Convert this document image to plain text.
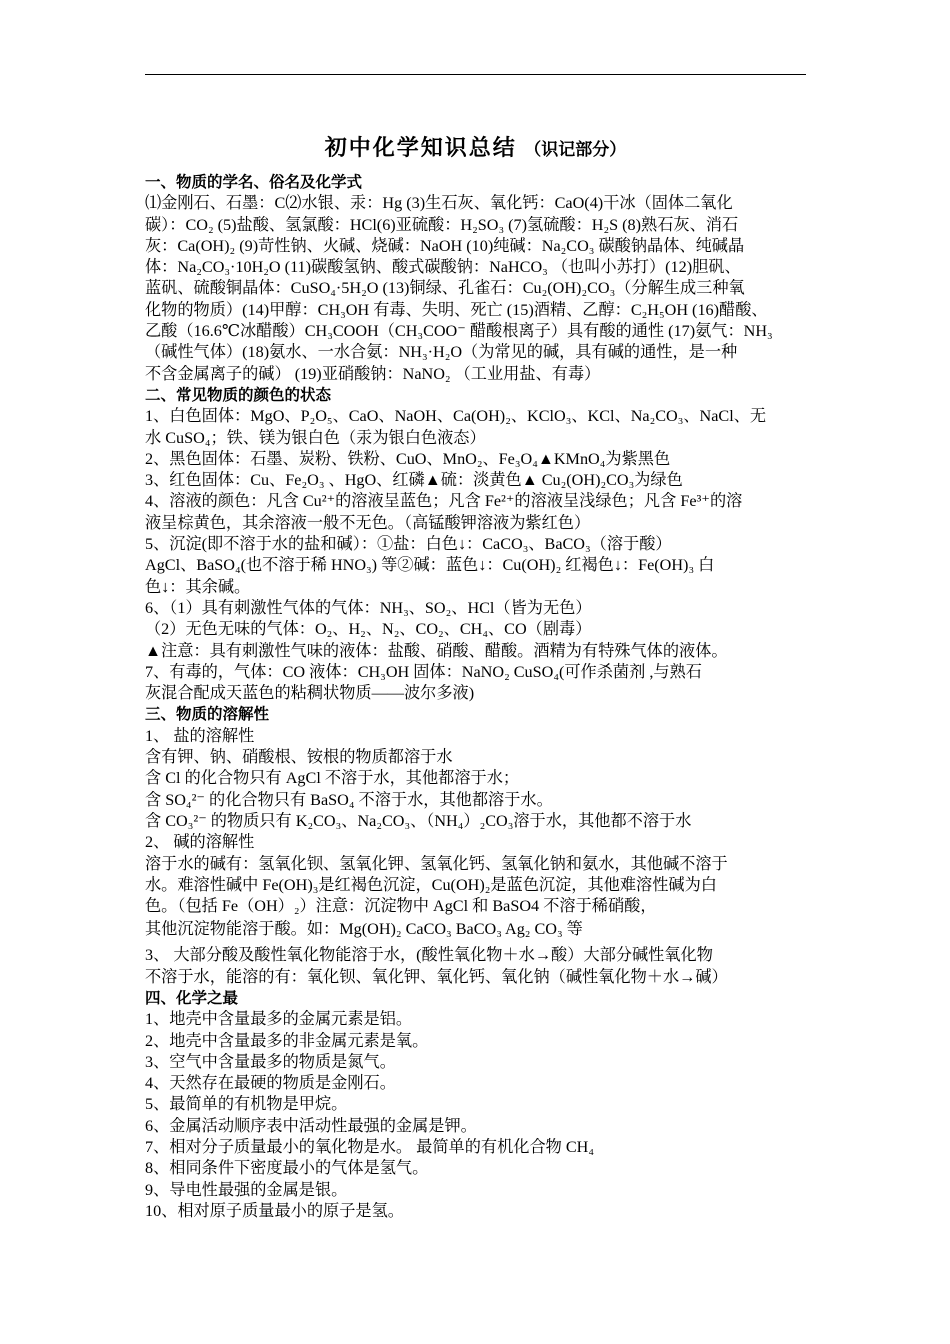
初中化学知识总结 （识记部分）
一、物质的学名、俗名及化学式
⑴金刚石、石墨：C⑵水银、汞：Hg (3)生石灰、氧化钙：CaO(4)干冰（固体二氧化
碳）：CO₂ (5)盐酸、氢氯酸：HCl(6)亚硫酸：H₂SO₃ (7)氢硫酸：H₂S (8)熟石灰、消石
灰：Ca(OH)₂ (9)苛性钠、火碱、烧碱：NaOH (10)纯碱：Na₂CO₃ 碳酸钠晶体、纯碱晶
体：Na₂CO₃·10H₂O (11)碳酸氢钠、酸式碳酸钠：NaHCO₃ （也叫小苏打）(12)胆矾、
蓝矾、硫酸铜晶体：CuSO₄·5H₂O (13)铜绿、孔雀石：Cu₂(OH)₂CO₃（分解生成三种氧
化物的物质）(14)甲醇：CH₃OH 有毒、失明、死亡 (15)酒精、乙醇：C₂H₅OH (16)醋酸、
乙酸（16.6℃冰醋酸）CH₃COOH（CH₃COO⁻ 醋酸根离子）具有酸的通性 (17)氨气：NH₃
（碱性气体）(18)氨水、一水合氨：NH₃·H₂O（为常见的碱，具有碱的通性，是一种
不含金属离子的碱） (19)亚硝酸钠：NaNO₂ （工业用盐、有毒）
二、常见物质的颜色的状态
1、白色固体：MgO、P₂O₅、CaO、NaOH、Ca(OH)₂、KClO₃、KCl、Na₂CO₃、NaCl、无
水 CuSO₄；铁、镁为银白色（汞为银白色液态）
2、黑色固体：石墨、炭粉、铁粉、CuO、MnO₂、Fe₃O₄▲KMnO₄为紫黑色
3、红色固体：Cu、Fe₂O₃ 、HgO、红磷▲硫：淡黄色▲ Cu₂(OH)₂CO₃为绿色
4、溶液的颜色：凡含 Cu²⁺的溶液呈蓝色；凡含 Fe²⁺的溶液呈浅绿色；凡含 Fe³⁺的溶
液呈棕黄色，其余溶液一般不无色。（高锰酸钾溶液为紫红色）
5、沉淀(即不溶于水的盐和碱）：①盐：白色↓：CaCO₃、BaCO₃（溶于酸）
AgCl、BaSO₄(也不溶于稀 HNO₃) 等②碱：蓝色↓：Cu(OH)₂ 红褐色↓：Fe(OH)₃ 白
色↓：其余碱。
6、（1）具有刺激性气体的气体：NH₃、SO₂、HCl（皆为无色）
（2）无色无味的气体：O₂、H₂、N₂、CO₂、CH₄、CO（剧毒）
▲注意：具有刺激性气味的液体：盐酸、硝酸、醋酸。酒精为有特殊气体的液体。
7、有毒的，气体：CO 液体：CH₃OH 固体：NaNO₂ CuSO₄(可作杀菌剂 ,与熟石
灰混合配成天蓝色的粘稠状物质——波尔多液)
三、物质的溶解性
1、 盐的溶解性
含有钾、钠、硝酸根、铵根的物质都溶于水
含 Cl 的化合物只有 AgCl 不溶于水，其他都溶于水；
含 SO₄²⁻ 的化合物只有 BaSO₄ 不溶于水，其他都溶于水。
含 CO₃²⁻ 的物质只有 K₂CO₃、Na₂CO₃、（NH₄）₂CO₃溶于水，其他都不溶于水
2、 碱的溶解性
溶于水的碱有：氢氧化钡、氢氧化钾、氢氧化钙、氢氧化钠和氨水，其他碱不溶于
水。难溶性碱中 Fe(OH)₃是红褐色沉淀，Cu(OH)₂是蓝色沉淀，其他难溶性碱为白
色。（包括 Fe（OH）₂）注意：沉淀物中 AgCl 和 BaSO4 不溶于稀硝酸，
其他沉淀物能溶于酸。如：Mg(OH)₂ CaCO₃ BaCO₃ Ag₂ CO₃ 等
3、 大部分酸及酸性氧化物能溶于水，(酸性氧化物＋水→酸）大部分碱性氧化物
不溶于水，能溶的有：氧化钡、氧化钾、氧化钙、氧化钠（碱性氧化物＋水→碱）
四、化学之最
1、地壳中含量最多的金属元素是铝。
2、地壳中含量最多的非金属元素是氧。
3、空气中含量最多的物质是氮气。
4、天然存在最硬的物质是金刚石。
5、最简单的有机物是甲烷。
6、金属活动顺序表中活动性最强的金属是钾。
7、相对分子质量最小的氧化物是水。 最简单的有机化合物 CH₄
8、相同条件下密度最小的气体是氢气。
9、导电性最强的金属是银。
10、相对原子质量最小的原子是氢。
